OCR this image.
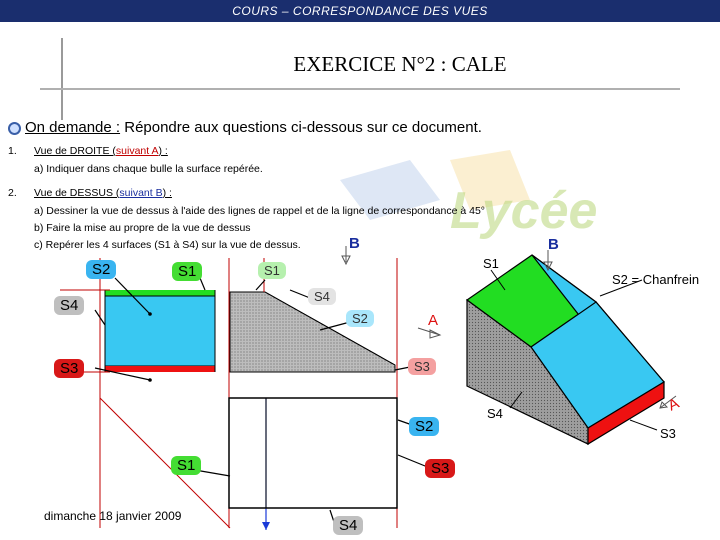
COURS – CORRESPONDANCE DES VUES
Lycée
EXERCICE N°2 : CALE
On demande : Répondre aux questions ci-dessous sur ce document.
1. Vue de DROITE (suivant A) :
a) Indiquer dans chaque bulle la surface repérée.
2. Vue de DESSUS (suivant B) :
a) Dessiner la vue de dessus à l'aide des lignes de rappel et de la ligne de correspondance à 45°
b) Faire la mise au propre de la vue de dessus
c) Repérer les 4 surfaces (S1 à S4) sur la vue de dessus.
A
B	B
A
S1
S2 = Chanfrein
S4
S3
S2	S1
S4
S3
S1
S4
S2
S3
S2
S1	S3
S4
dimanche 18 janvier 2009
